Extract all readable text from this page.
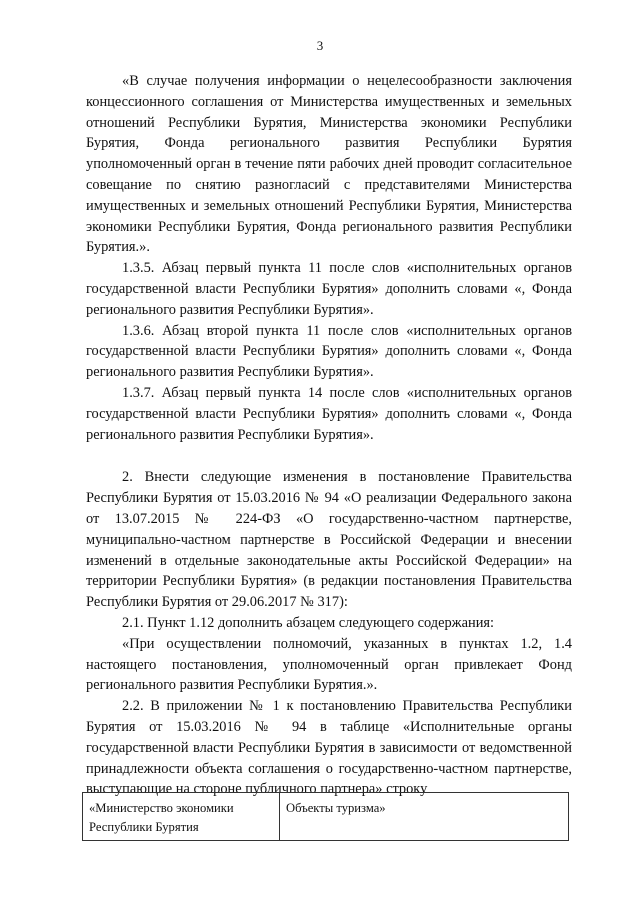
3

«В случае получения информации о нецелесообразности заключения концессионного соглашения от Министерства имущественных и земельных отношений Республики Бурятия, Министерства экономики Республики Бурятия, Фонда регионального развития Республики Бурятия уполномоченный орган в течение пяти рабочих дней проводит согласительное совещание по снятию разногласий с представителями Министерства имущественных и земельных отношений Республики Бурятия, Министерства экономики Республики Бурятия, Фонда регионального развития Республики Бурятия.».

1.3.5. Абзац первый пункта 11 после слов «исполнительных органов государственной власти Республики Бурятия» дополнить словами «, Фонда регионального развития Республики Бурятия».

1.3.6. Абзац второй пункта 11 после слов «исполнительных органов государственной власти Республики Бурятия» дополнить словами «, Фонда регионального развития Республики Бурятия».

1.3.7. Абзац первый пункта 14 после слов «исполнительных органов государственной власти Республики Бурятия» дополнить словами «, Фонда регионального развития Республики Бурятия».

2. Внести следующие изменения в постановление Правительства Республики Бурятия от 15.03.2016 № 94 «О реализации Федерального закона от 13.07.2015 № 224-ФЗ «О государственно-частном партнерстве, муниципально-частном партнерстве в Российской Федерации и внесении изменений в отдельные законодательные акты Российской Федерации» на территории Республики Бурятия» (в редакции постановления Правительства Республики Бурятия от 29.06.2017 № 317):

2.1. Пункт 1.12 дополнить абзацем следующего содержания:

«При осуществлении полномочий, указанных в пунктах 1.2, 1.4 настоящего постановления, уполномоченный орган привлекает Фонд регионального развития Республики Бурятия.».

2.2. В приложении № 1 к постановлению Правительства Республики Бурятия от 15.03.2016 № 94 в таблице «Исполнительные органы государственной власти Республики Бурятия в зависимости от ведомственной принадлежности объекта соглашения о государственно-частном партнерстве, выступающие на стороне публичного партнера» строку

«Министерство экономики Республики Бурятия	Объекты туризма»
